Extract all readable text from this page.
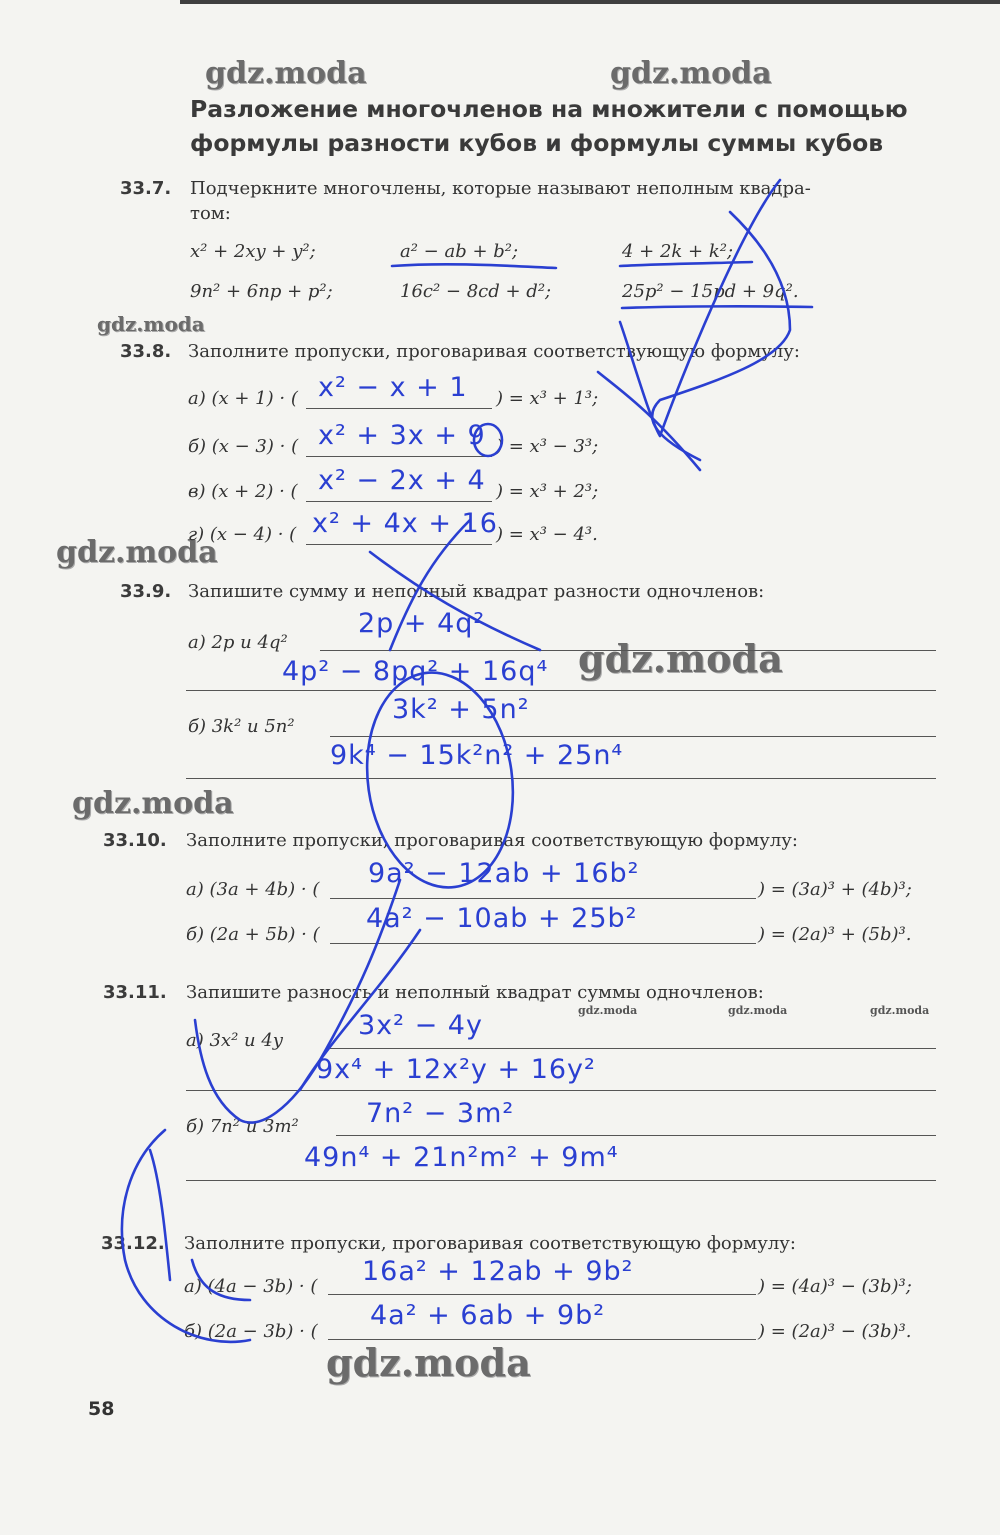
gdz.moda	gdz.moda
gdz.moda
gdz.moda
gdz.moda
gdz.moda
gdz.moda
gdz.moda	gdz.moda	gdz.moda
Разложение многочленов на множители с помощью
формулы разности кубов и формулы суммы кубов
33.7. Подчеркните многочлены, которые называют неполным квадра-
том:
x² + 2xy + y²;	a² − ab + b²;	4 + 2k + k²;
9n² + 6np + p²;	16c² − 8cd + d²;	25p² − 15pd + 9q².
33.8. Заполните пропуски, проговаривая соответствующую формулу:
а) (x + 1) · (	) = x³ + 1³;
x² − x + 1
б) (x − 3) · (	) = x³ − 3³;
x² + 3x + 9
в) (x + 2) · (	) = x³ + 2³;
x² − 2x + 4
г) (x − 4) · (	) = x³ − 4³.
x² + 4x + 16
33.9. Запишите сумму и неполный квадрат разности одночленов:
а) 2p и 4q²
2p + 4q²
4p² − 8pq² + 16q⁴
б) 3k² и 5n²
3k² + 5n²
9k⁴ − 15k²n² + 25n⁴
33.10. Заполните пропуски, проговаривая соответствующую формулу:
а) (3a + 4b) · (	) = (3a)³ + (4b)³;
9a² − 12ab + 16b²
б) (2a + 5b) · (	) = (2a)³ + (5b)³.
4a² − 10ab + 25b²
33.11. Запишите разность и неполный квадрат суммы одночленов:
а) 3x² и 4y	3x² − 4y
9x⁴ + 12x²y + 16y²
б) 7n² и 3m² 7n² − 3m²
49n⁴ + 21n²m² + 9m⁴
33.12. Заполните пропуски, проговаривая соответствующую формулу:
а) (4a − 3b) · (	) = (4a)³ − (3b)³;
16a² + 12ab + 9b²
б) (2a − 3b) · (	) = (2a)³ − (3b)³.
4a² + 6ab + 9b²
58
